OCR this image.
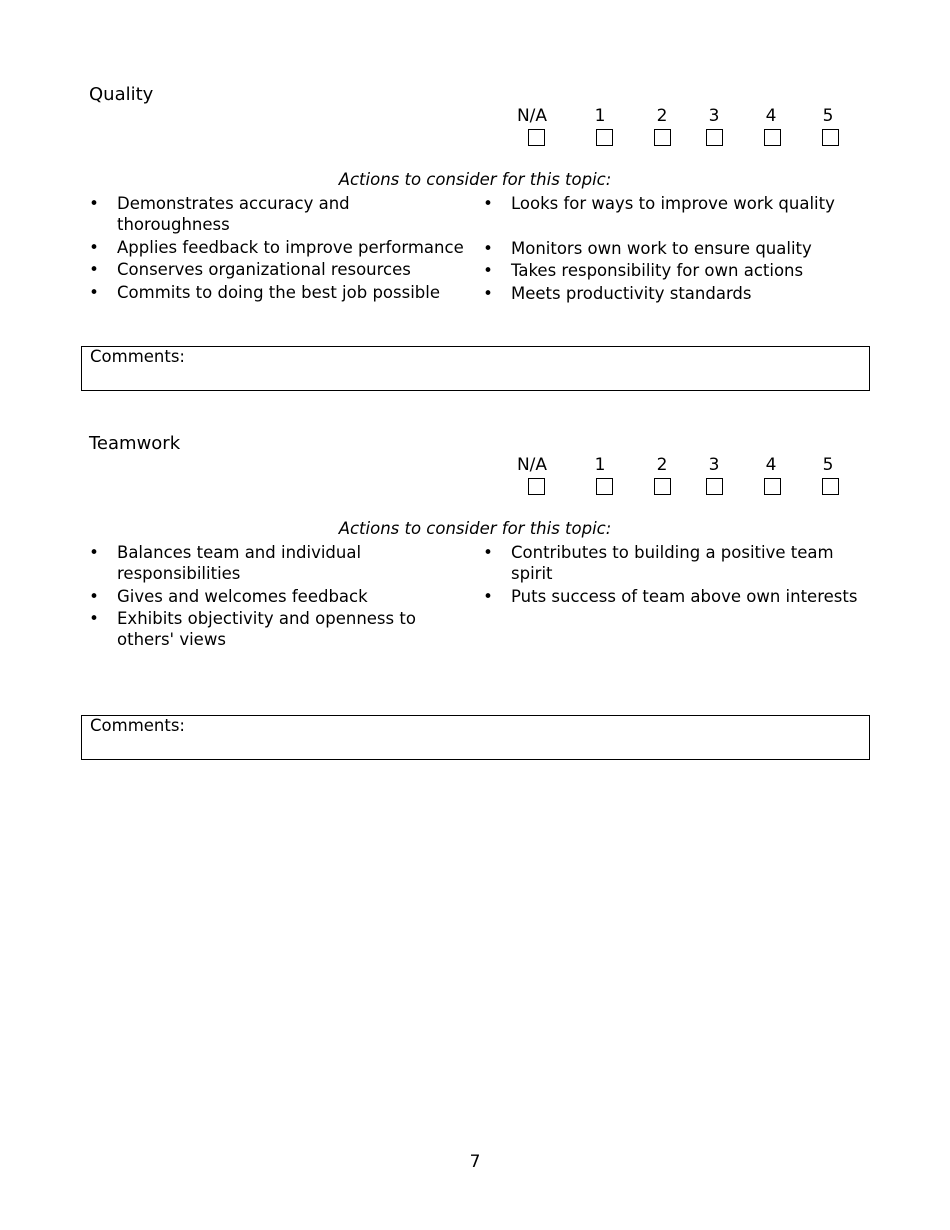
Quality
N/A	1	2	3	4	5
Actions to consider for this topic:
• Demonstrates accuracy and thoroughness
• Applies feedback to improve performance
• Conserves organizational resources
• Commits to doing the best job possible
• Looks for ways to improve work quality
• Monitors own work to ensure quality
• Takes responsibility for own actions
• Meets productivity standards
Comments:
Teamwork
N/A	1	2	3	4	5
Actions to consider for this topic:
• Balances team and individual responsibilities
• Gives and welcomes feedback
• Exhibits objectivity and openness to others' views
• Contributes to building a positive team spirit
• Puts success of team above own interests
Comments:
7
